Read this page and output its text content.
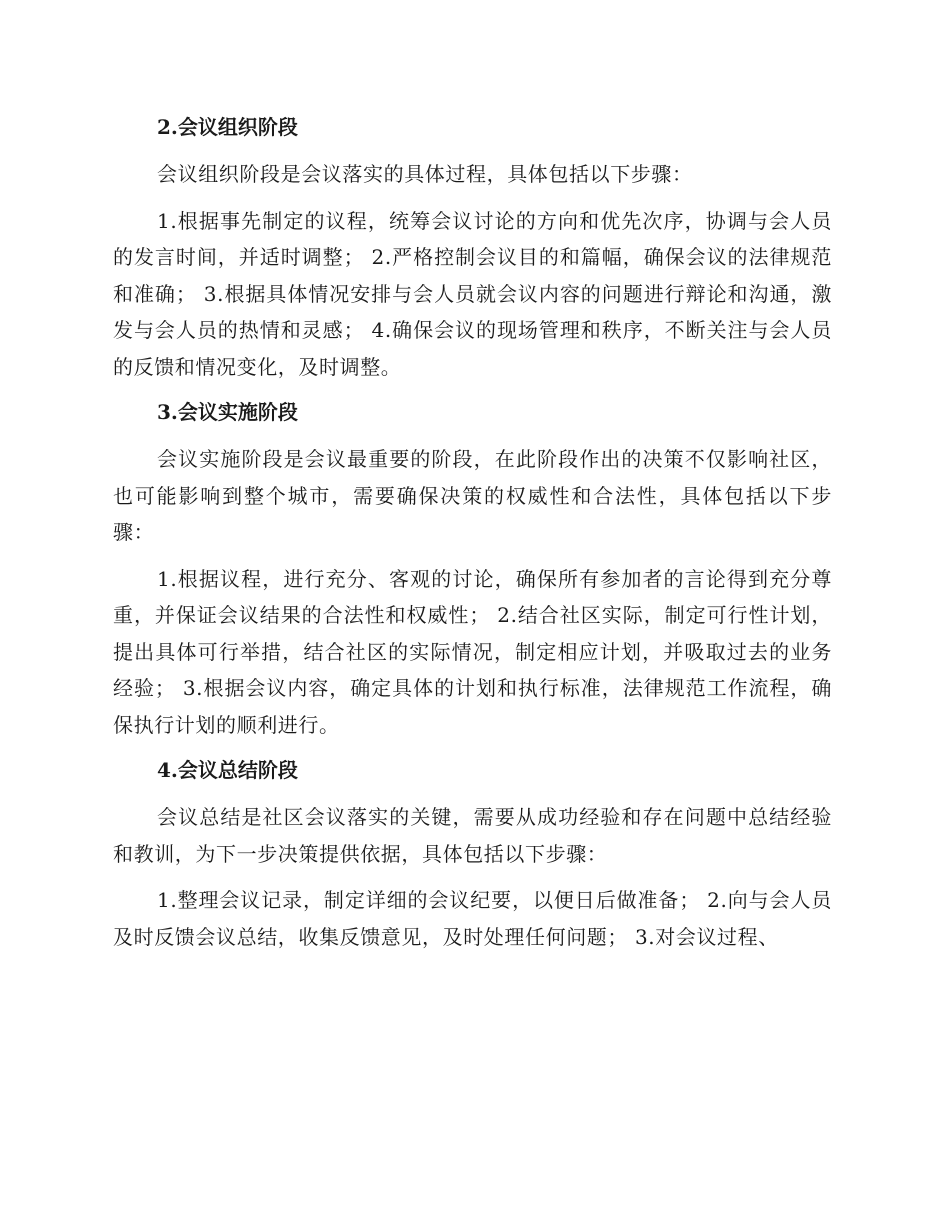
2.会议组织阶段

会议组织阶段是会议落实的具体过程，具体包括以下步骤：

1.根据事先制定的议程，统筹会议讨论的方向和优先次序，协调与会人员的发言时间，并适时调整； 2.严格控制会议目的和篇幅，确保会议的法律规范和准确； 3.根据具体情况安排与会人员就会议内容的问题进行辩论和沟通，激发与会人员的热情和灵感； 4.确保会议的现场管理和秩序，不断关注与会人员的反馈和情况变化，及时调整。

3.会议实施阶段

会议实施阶段是会议最重要的阶段，在此阶段作出的决策不仅影响社区，也可能影响到整个城市，需要确保决策的权威性和合法性，具体包括以下步骤：

1.根据议程，进行充分、客观的讨论，确保所有参加者的言论得到充分尊重，并保证会议结果的合法性和权威性； 2.结合社区实际，制定可行性计划，提出具体可行举措，结合社区的实际情况，制定相应计划，并吸取过去的业务经验； 3.根据会议内容，确定具体的计划和执行标准，法律规范工作流程，确保执行计划的顺利进行。

4.会议总结阶段

会议总结是社区会议落实的关键，需要从成功经验和存在问题中总结经验和教训，为下一步决策提供依据，具体包括以下步骤：

1.整理会议记录，制定详细的会议纪要，以便日后做准备； 2.向与会人员及时反馈会议总结，收集反馈意见，及时处理任何问题； 3.对会议过程、
